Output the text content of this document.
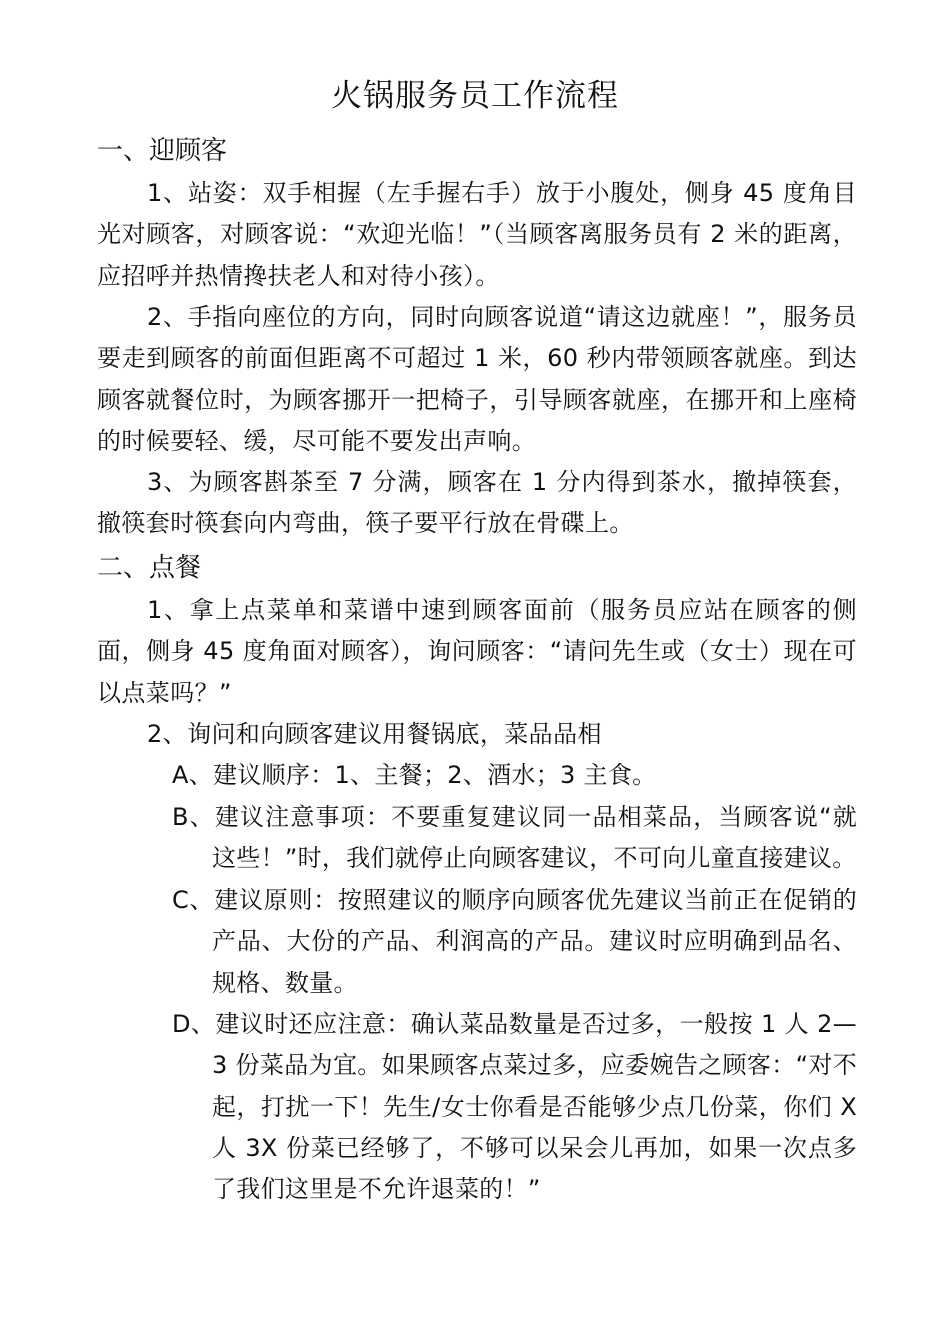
火锅服务员工作流程
一、迎顾客

1、站姿：双手相握（左手握右手）放于小腹处，侧身 45 度角目光对顾客，对顾客说：“欢迎光临！”（当顾客离服务员有 2 米的距离，应招呼并热情搀扶老人和对待小孩）。

2、手指向座位的方向，同时向顾客说道“请这边就座！”，服务员要走到顾客的前面但距离不可超过 1 米，60 秒内带领顾客就座。到达顾客就餐位时，为顾客挪开一把椅子，引导顾客就座，在挪开和上座椅的时候要轻、缓，尽可能不要发出声响。

3、为顾客斟茶至 7 分满，顾客在 1 分内得到茶水，撤掉筷套，撤筷套时筷套向内弯曲，筷子要平行放在骨碟上。

二、点餐

1、拿上点菜单和菜谱中速到顾客面前（服务员应站在顾客的侧面，侧身 45 度角面对顾客），询问顾客：“请问先生或（女士）现在可以点菜吗？”

2、询问和向顾客建议用餐锅底，菜品品相

A、建议顺序：1、主餐；2、酒水；3 主食。

B、建议注意事项：不要重复建议同一品相菜品，当顾客说“就这些！”时，我们就停止向顾客建议，不可向儿童直接建议。

C、建议原则：按照建议的顺序向顾客优先建议当前正在促销的产品、大份的产品、利润高的产品。建议时应明确到品名、规格、数量。

D、建议时还应注意：确认菜品数量是否过多，一般按 1 人 2—3 份菜品为宜。如果顾客点菜过多，应委婉告之顾客：“对不起，打扰一下！先生/女士你看是否能够少点几份菜，你们 X 人 3X 份菜已经够了，不够可以呆会儿再加，如果一次点多了我们这里是不允许退菜的！”
